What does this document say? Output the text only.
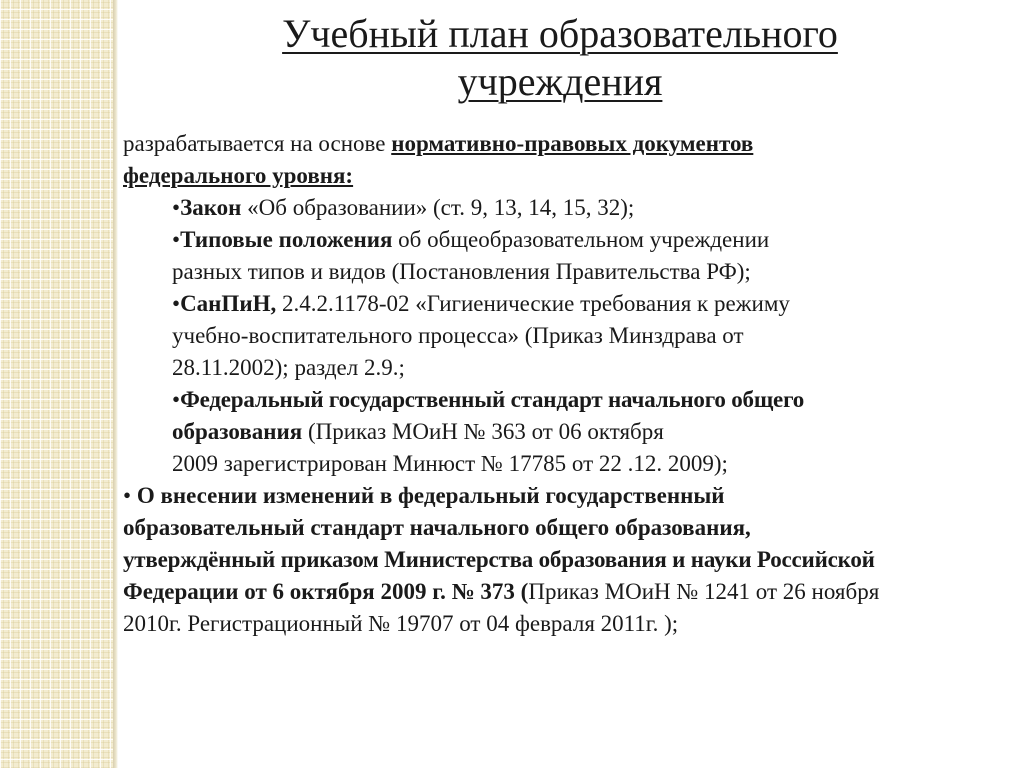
Учебный план образовательного
учреждения

разрабатывается на основе нормативно-правовых документов
федерального уровня:

•Закон «Об образовании» (ст. 9, 13, 14, 15, 32);

•Типовые положения об общеобразовательном учреждении
разных типов и видов (Постановления Правительства РФ);

•СанПиН, 2.4.2.1178-02 «Гигиенические требования к режиму
учебно-воспитательного процесса» (Приказ Минздрава от
28.11.2002); раздел 2.9.;

•Федеральный государственный стандарт начального общего
образования (Приказ МОиН № 363 от 06 октября
2009 зарегистрирован Минюст № 17785 от 22 .12. 2009);

• О внесении изменений в федеральный государственный
образовательный стандарт начального общего образования,
утверждённый приказом Министерства образования и науки Российской
Федерации от 6 октября 2009 г. № 373 (Приказ МОиН № 1241 от 26 ноября
2010г. Регистрационный № 19707 от 04 февраля 2011г. );
